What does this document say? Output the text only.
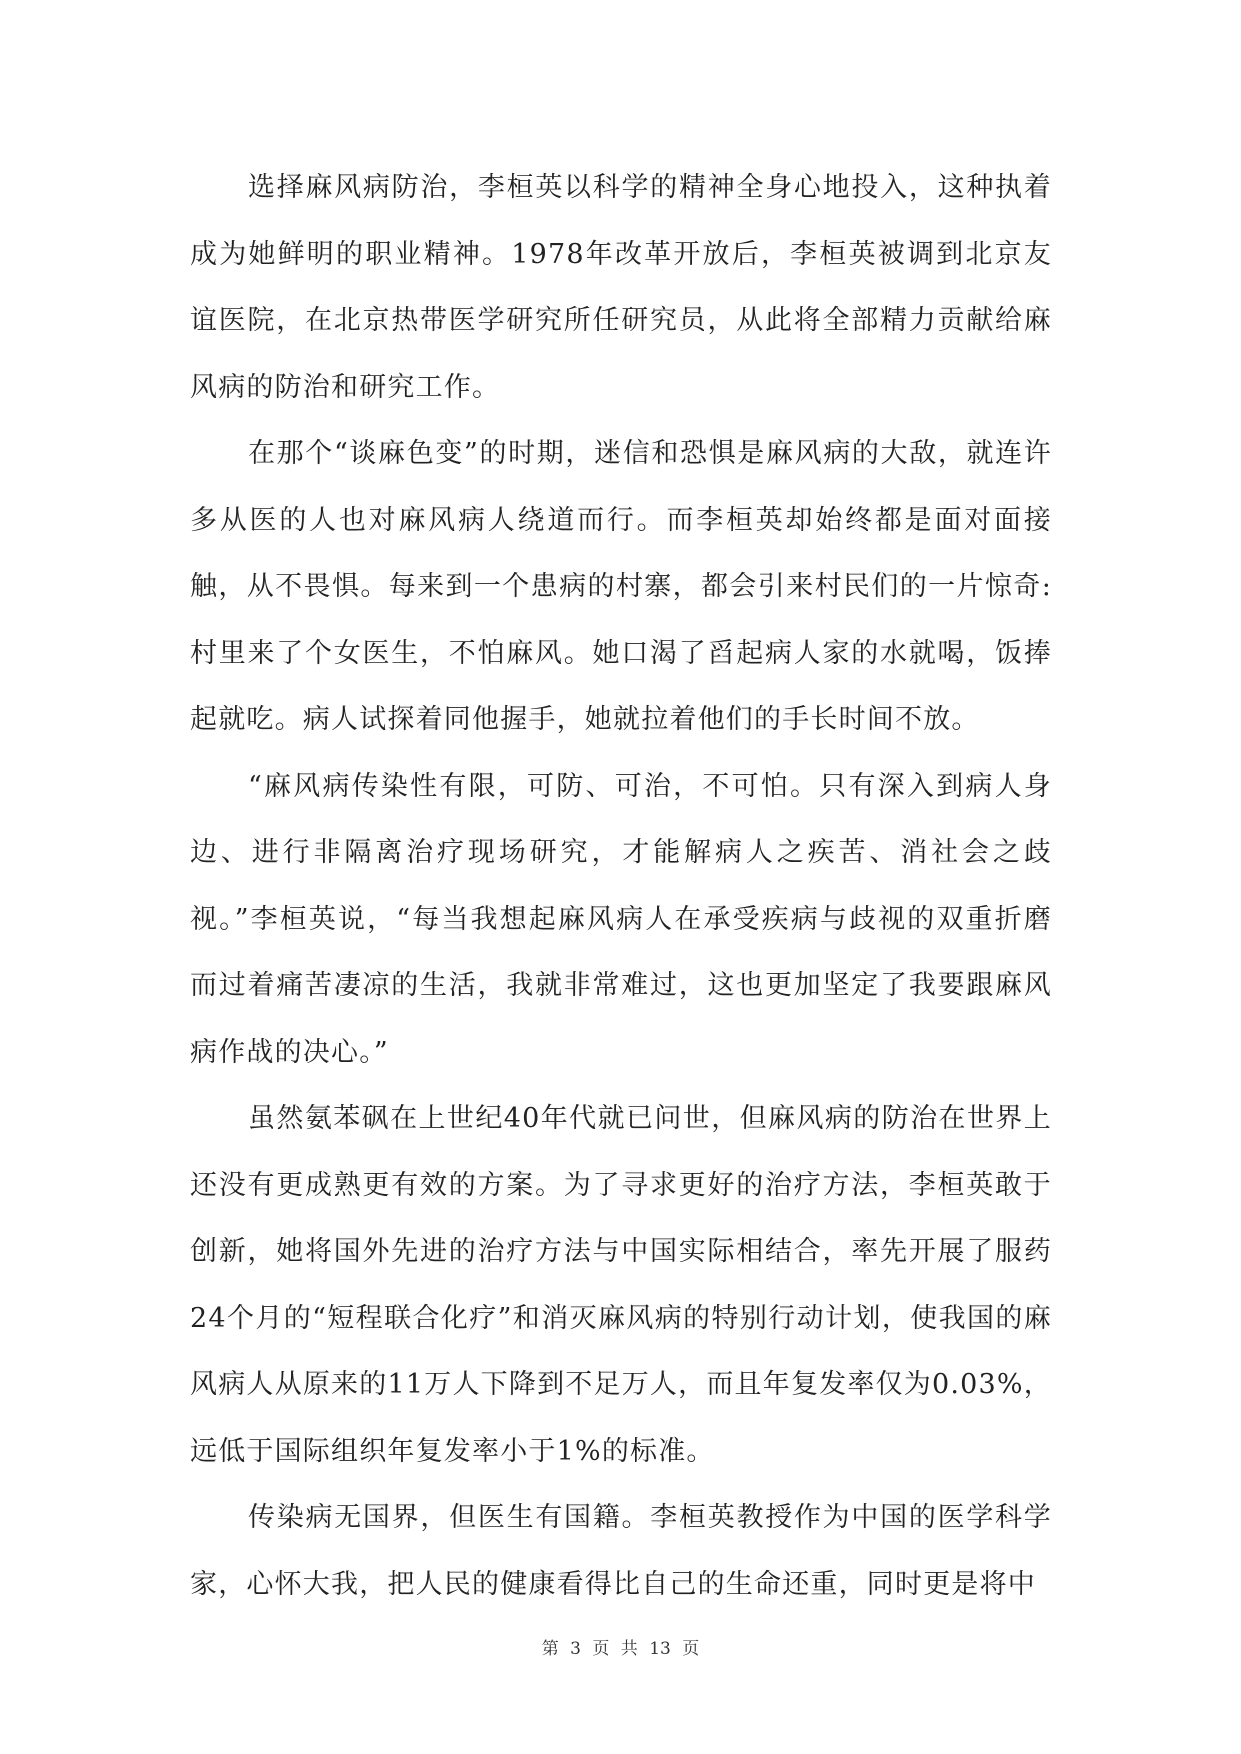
选择麻风病防治，李桓英以科学的精神全身心地投入，这种执着成为她鲜明的职业精神。1978年改革开放后，李桓英被调到北京友谊医院，在北京热带医学研究所任研究员，从此将全部精力贡献给麻风病的防治和研究工作。

在那个“谈麻色变”的时期，迷信和恐惧是麻风病的大敌，就连许多从医的人也对麻风病人绕道而行。而李桓英却始终都是面对面接触，从不畏惧。每来到一个患病的村寨，都会引来村民们的一片惊奇:村里来了个女医生，不怕麻风。她口渴了舀起病人家的水就喝，饭捧起就吃。病人试探着同他握手，她就拉着他们的手长时间不放。

“麻风病传染性有限，可防、可治，不可怕。只有深入到病人身边、进行非隔离治疗现场研究，才能解病人之疾苦、消社会之歧视。”李桓英说，“每当我想起麻风病人在承受疾病与歧视的双重折磨而过着痛苦凄凉的生活，我就非常难过，这也更加坚定了我要跟麻风病作战的决心。”

虽然氨苯砜在上世纪40年代就已问世，但麻风病的防治在世界上还没有更成熟更有效的方案。为了寻求更好的治疗方法，李桓英敢于创新，她将国外先进的治疗方法与中国实际相结合，率先开展了服药24个月的“短程联合化疗”和消灭麻风病的特别行动计划，使我国的麻风病人从原来的11万人下降到不足万人，而且年复发率仅为0.03%，远低于国际组织年复发率小于1%的标准。

传染病无国界，但医生有国籍。李桓英教授作为中国的医学科学家，心怀大我，把人民的健康看得比自己的生命还重，同时更是将中

第 3 页 共 13 页
